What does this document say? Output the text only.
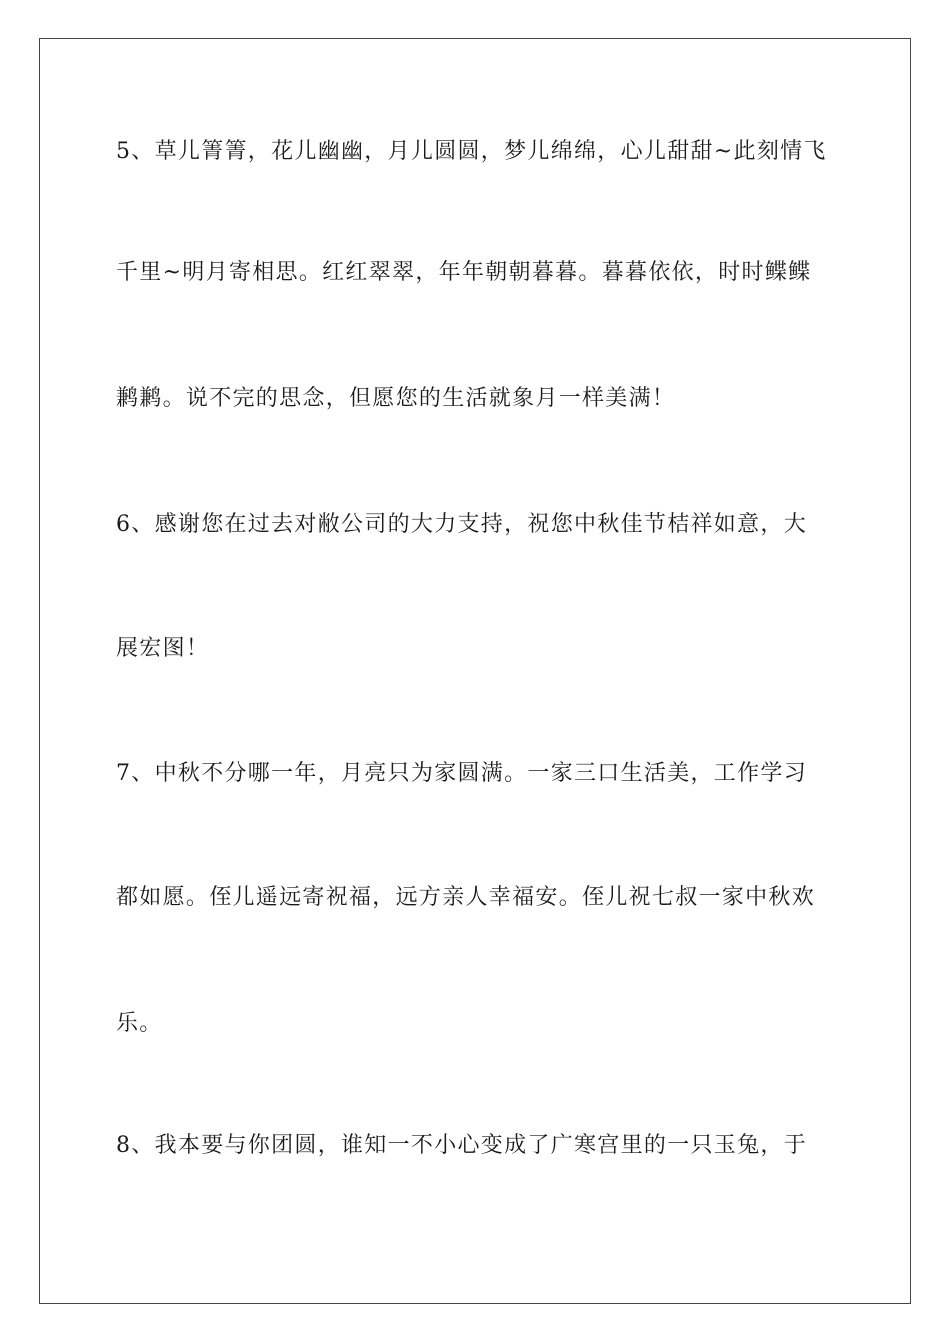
5、草儿箐箐，花儿幽幽，月儿圆圆，梦儿绵绵，心儿甜甜~此刻情飞
千里~明月寄相思。红红翠翠，年年朝朝暮暮。暮暮依依，时时鲽鲽
鹣鹣。说不完的思念，但愿您的生活就象月一样美满！
6、感谢您在过去对敝公司的大力支持，祝您中秋佳节桔祥如意，大
展宏图！
7、中秋不分哪一年，月亮只为家圆满。一家三口生活美，工作学习
都如愿。侄儿遥远寄祝福，远方亲人幸福安。侄儿祝七叔一家中秋欢
乐。
8、我本要与你团圆，谁知一不小心变成了广寒宫里的一只玉兔，于
